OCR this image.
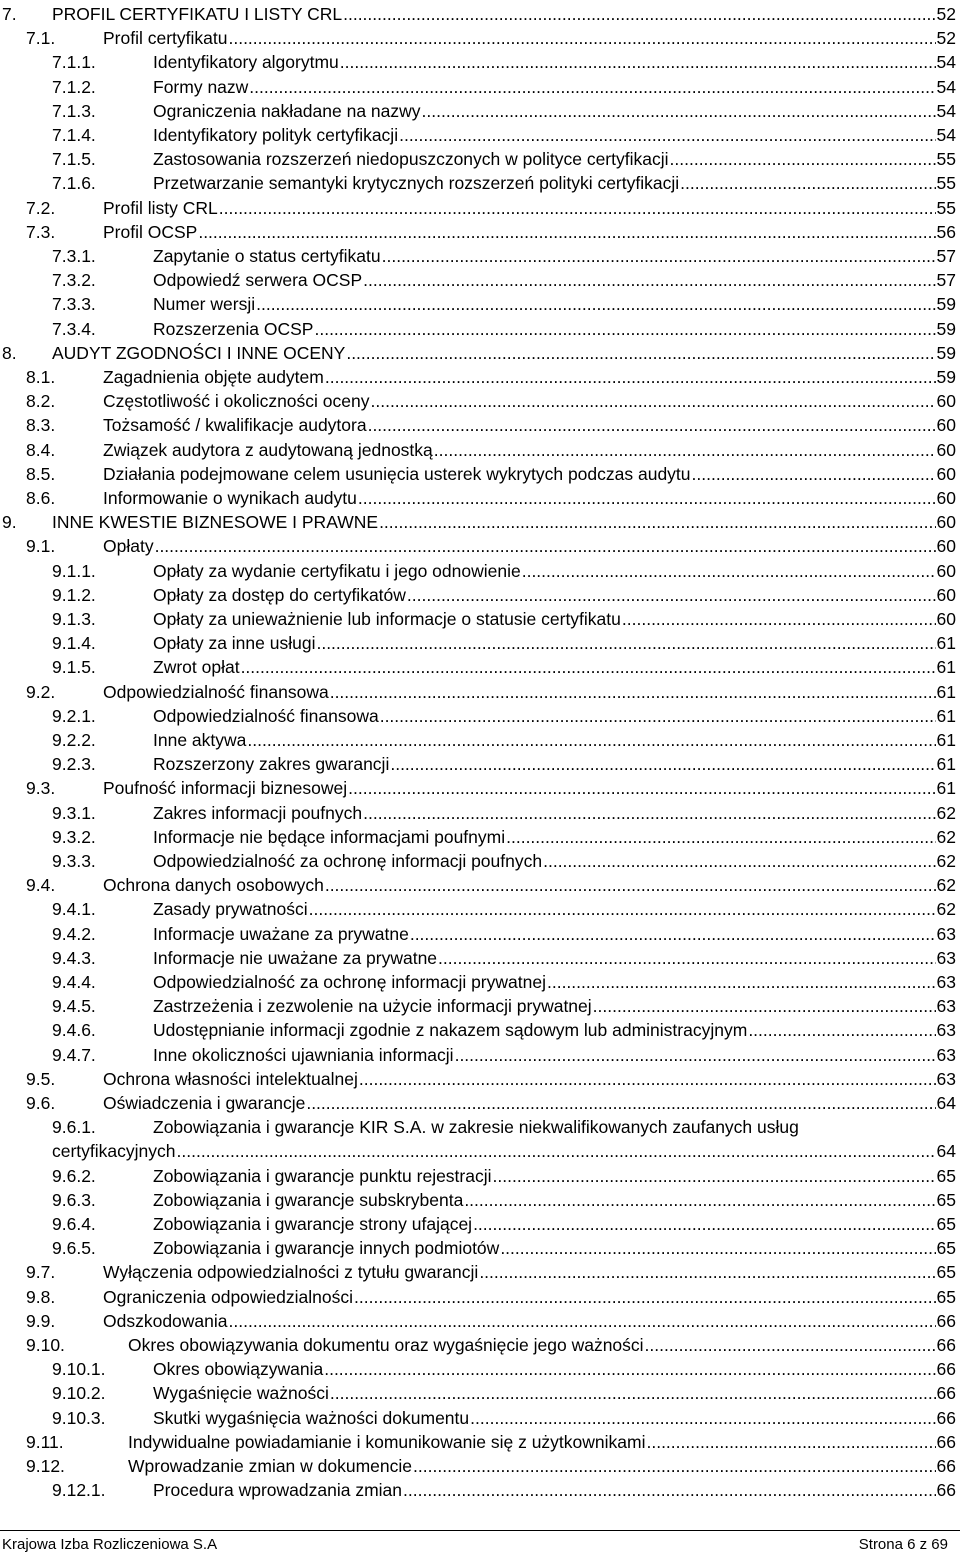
7. PROFIL CERTYFIKATU I LISTY CRL .....	52
7.1.	Profil certyfikatu .....	52
7.1.1.	Identyfikatory algorytmu .....	54
7.1.2.	Formy nazw .....	54
7.1.3.	Ograniczenia nakładane na nazwy .....	54
7.1.4.	Identyfikatory polityk certyfikacji .....	54
7.1.5.	Zastosowania rozszerzeń niedopuszczonych w polityce certyfikacji .....	55
7.1.6.	Przetwarzanie semantyki krytycznych rozszerzeń polityki certyfikacji .....	55
7.2.	Profil listy CRL .....	55
7.3.	Profil OCSP .....	56
7.3.1.	Zapytanie o status certyfikatu .....	57
7.3.2.	Odpowiedź serwera OCSP .....	57
7.3.3.	Numer wersji .....	59
7.3.4.	Rozszerzenia OCSP .....	59
8. AUDYT ZGODNOŚCI I INNE OCENY .....	59
8.1.	Zagadnienia objęte audytem .....	59
8.2.	Częstotliwość i okoliczności oceny .....	60
8.3.	Tożsamość / kwalifikacje audytora .....	60
8.4.	Związek audytora z audytowaną jednostką .....	60
8.5.	Działania podejmowane celem usunięcia usterek wykrytych podczas audytu .....	60
8.6.	Informowanie o wynikach audytu .....	60
9. INNE KWESTIE BIZNESOWE I PRAWNE .....	60
9.1.	Opłaty .....	60
9.1.1.	Opłaty za wydanie certyfikatu i jego odnowienie .....	60
9.1.2.	Opłaty za dostęp do certyfikatów .....	60
9.1.3.	Opłaty za unieważnienie lub informacje o statusie certyfikatu .....	60
9.1.4.	Opłaty za inne usługi .....	61
9.1.5.	Zwrot opłat .....	61
9.2.	Odpowiedzialność finansowa .....	61
9.2.1.	Odpowiedzialność finansowa .....	61
9.2.2.	Inne aktywa .....	61
9.2.3.	Rozszerzony zakres gwarancji .....	61
9.3.	Poufność informacji biznesowej .....	61
9.3.1.	Zakres informacji poufnych .....	62
9.3.2.	Informacje nie będące informacjami poufnymi .....	62
9.3.3.	Odpowiedzialność za ochronę informacji poufnych .....	62
9.4.	Ochrona danych osobowych .....	62
9.4.1.	Zasady prywatności .....	62
9.4.2.	Informacje uważane za prywatne .....	63
9.4.3.	Informacje nie uważane za prywatne .....	63
9.4.4.	Odpowiedzialność za ochronę informacji prywatnej .....	63
9.4.5.	Zastrzeżenia i zezwolenie na użycie informacji prywatnej .....	63
9.4.6.	Udostępnianie informacji zgodnie z nakazem sądowym lub administracyjnym .....	63
9.4.7.	Inne okoliczności ujawniania informacji .....	63
9.5.	Ochrona własności intelektualnej .....	63
9.6.	Oświadczenia i gwarancje .....	64
9.6.1.	Zobowiązania i gwarancje KIR S.A. w zakresie niekwalifikowanych zaufanych usług
certyfikacyjnych .....	64
9.6.2.	Zobowiązania i gwarancje punktu rejestracji .....	65
9.6.3.	Zobowiązania i gwarancje subskrybenta .....	65
9.6.4.	Zobowiązania i gwarancje strony ufającej .....	65
9.6.5.	Zobowiązania i gwarancje innych podmiotów .....	65
9.7.	Wyłączenia odpowiedzialności z tytułu gwarancji .....	65
9.8.	Ograniczenia odpowiedzialności .....	65
9.9.	Odszkodowania .....	66
9.10.	Okres obowiązywania dokumentu oraz wygaśnięcie jego ważności .....	66
9.10.1.	Okres obowiązywania .....	66
9.10.2.	Wygaśnięcie ważności .....	66
9.10.3.	Skutki wygaśnięcia ważności dokumentu .....	66
9.11.	Indywidualne powiadamianie i komunikowanie się z użytkownikami .....	66
9.12.	Wprowadzanie zmian w dokumencie .....	66
9.12.1.	Procedura wprowadzania zmian .....	66
Krajowa Izba Rozliczeniowa S.A	Strona 6 z 69
